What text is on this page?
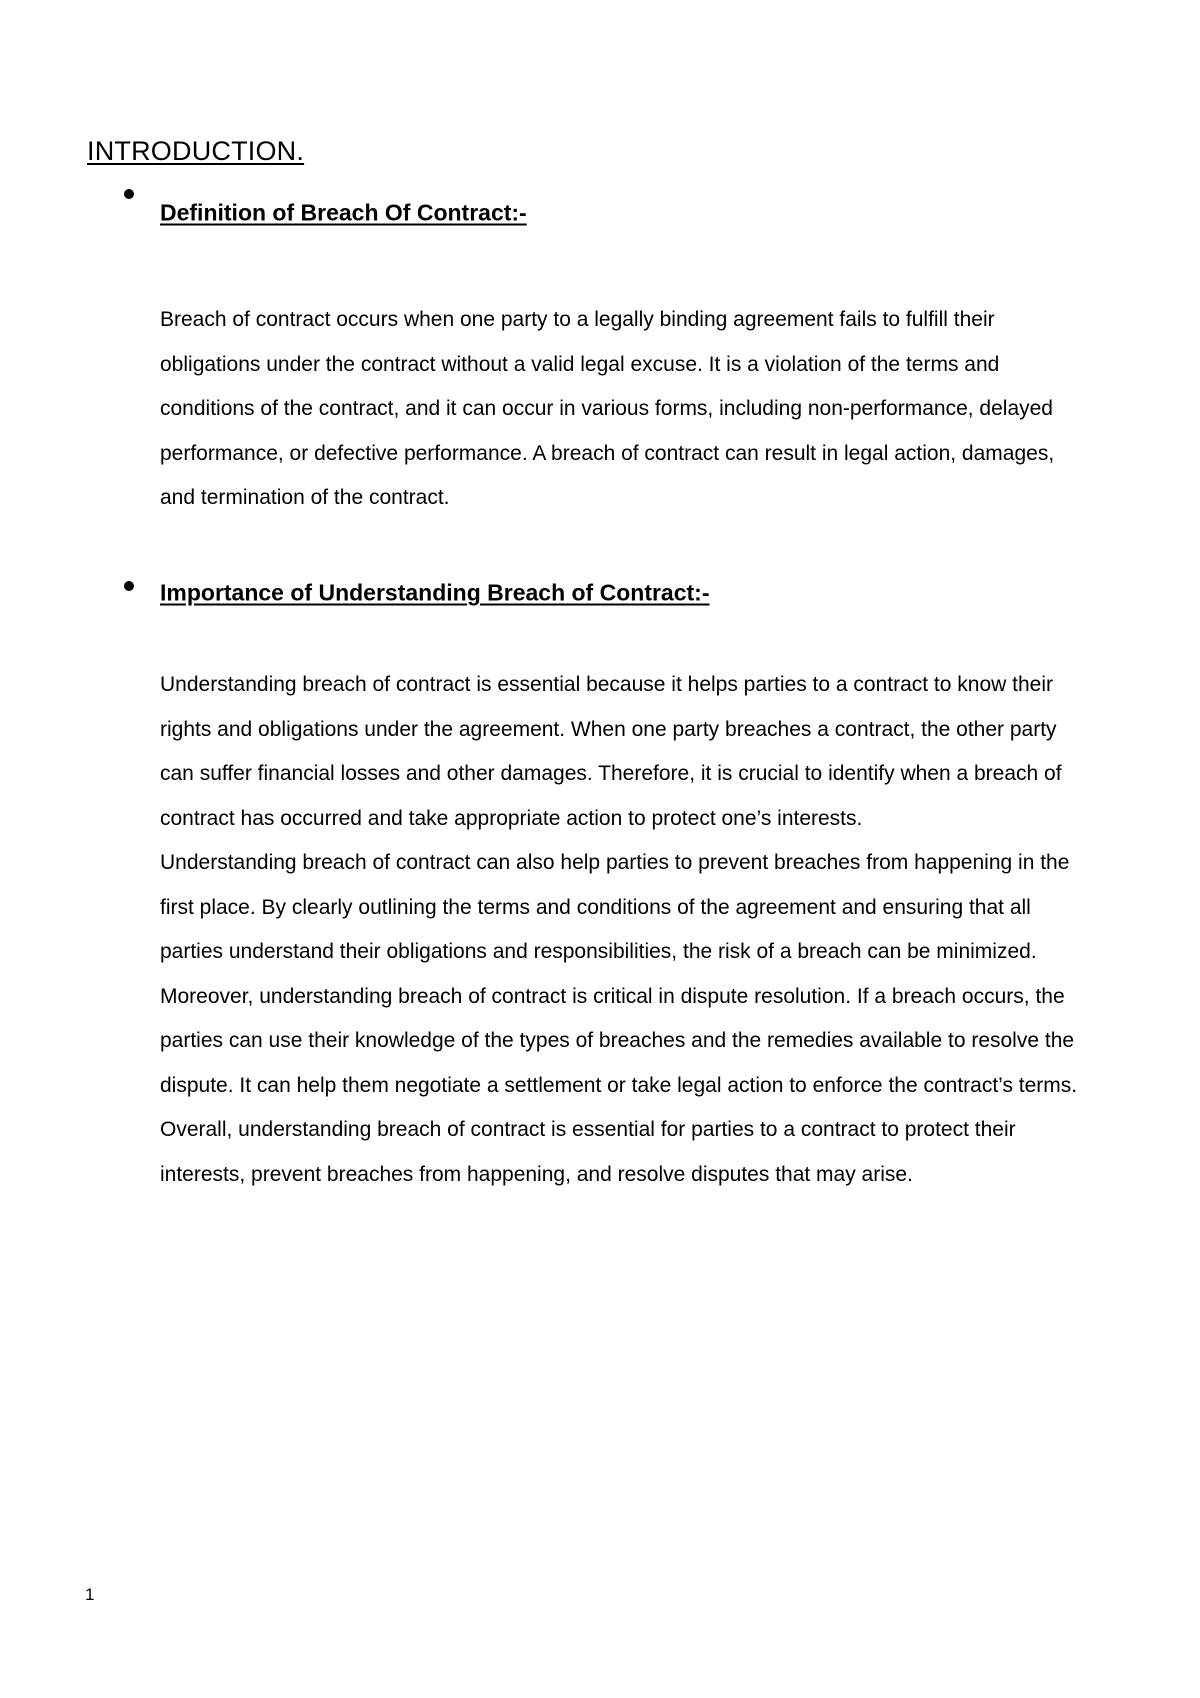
INTRODUCTION.
Definition of Breach Of Contract:-

Breach of contract occurs when one party to a legally binding agreement fails to fulfill their
obligations under the contract without a valid legal excuse. It is a violation of the terms and
conditions of the contract, and it can occur in various forms, including non-performance, delayed
performance, or defective performance. A breach of contract can result in legal action, damages,
and termination of the contract.

Importance of Understanding Breach of Contract:-

Understanding breach of contract is essential because it helps parties to a contract to know their
rights and obligations under the agreement. When one party breaches a contract, the other party
can suffer financial losses and other damages. Therefore, it is crucial to identify when a breach of
contract has occurred and take appropriate action to protect one’s interests.
Understanding breach of contract can also help parties to prevent breaches from happening in the
first place. By clearly outlining the terms and conditions of the agreement and ensuring that all
parties understand their obligations and responsibilities, the risk of a breach can be minimized.
Moreover, understanding breach of contract is critical in dispute resolution. If a breach occurs, the
parties can use their knowledge of the types of breaches and the remedies available to resolve the
dispute. It can help them negotiate a settlement or take legal action to enforce the contract’s terms.
Overall, understanding breach of contract is essential for parties to a contract to protect their
interests, prevent breaches from happening, and resolve disputes that may arise.

1
